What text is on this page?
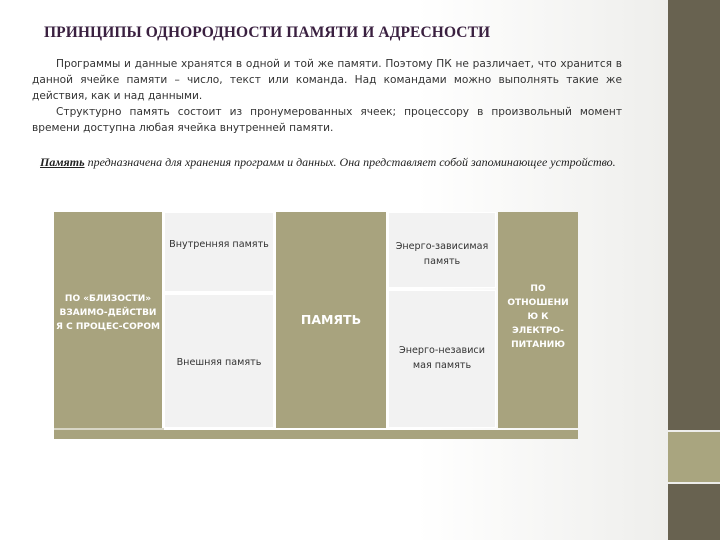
ПРИНЦИПЫ ОДНОРОДНОСТИ ПАМЯТИ И АДРЕСНОСТИ

Программы и данные хранятся в одной и той же памяти. Поэтому ПК не различает, что хранится в данной ячейке памяти – число, текст или команда. Над командами можно выполнять такие же действия, как и над данными.

Структурно память состоит из пронумерованных ячеек; процессору в произвольный момент времени доступна любая ячейка внутренней памяти.

Память предназначена для хранения программ и данных. Она представляет собой запоминающее устройство.
ПО «БЛИЗОСТИ» ВЗАИМО-ДЕЙСТВИ Я С ПРОЦЕС-СОРОМ
Внутренняя память
Внешняя память
ПАМЯТЬ
Энерго-зависимая память
Энерго-независи мая память
ПО ОТНОШЕНИ Ю К ЭЛЕКТРО-ПИТАНИЮ
